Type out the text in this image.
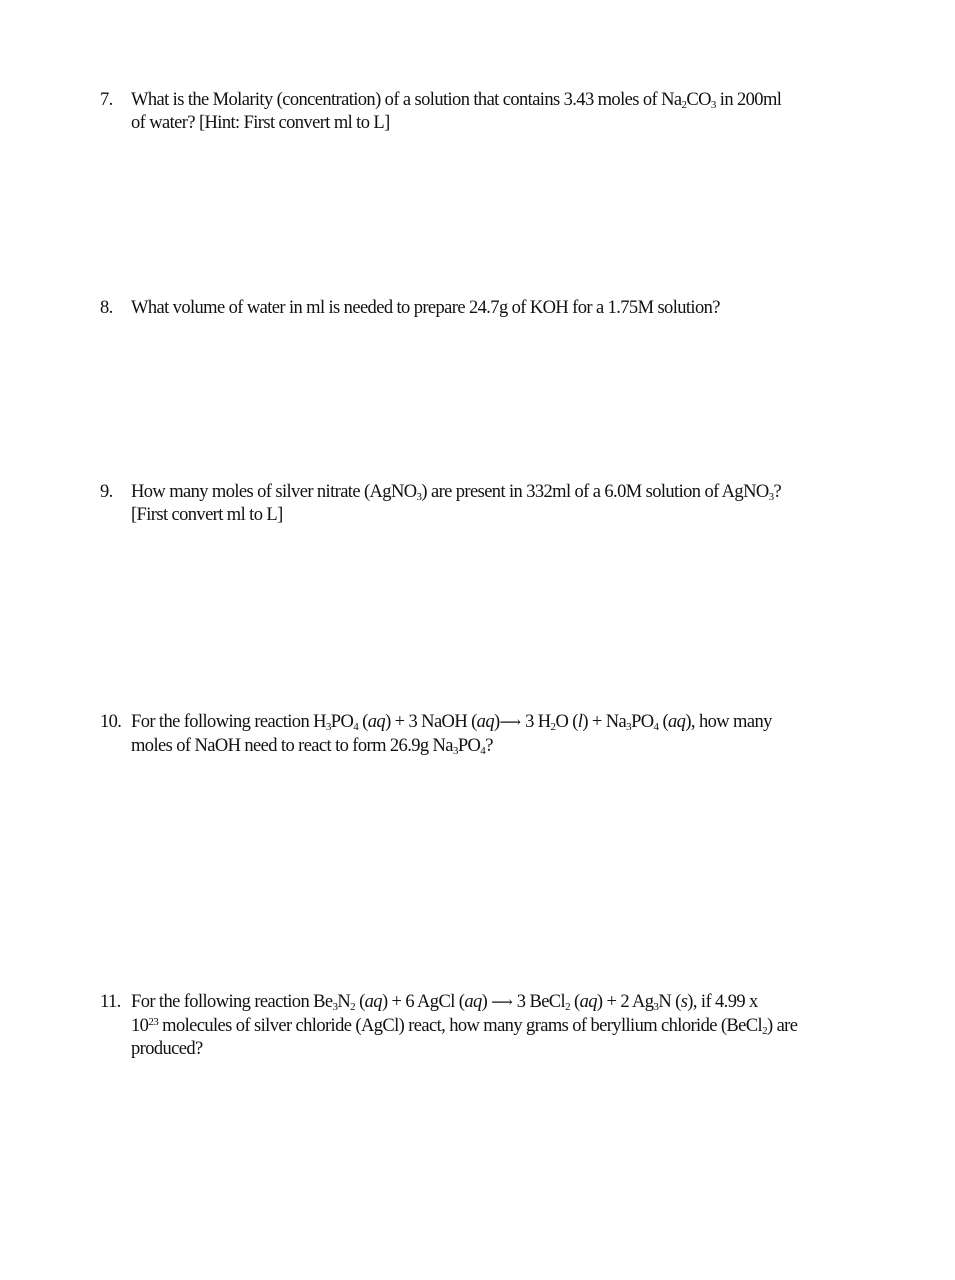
7. What is the Molarity (concentration) of a solution that contains 3.43 moles of $Na_2CO_3$ in 200ml
of water? [Hint: First convert ml to L]
8. What volume of water in ml is needed to prepare 24.7g of KOH for a 1.75M solution?
9. How many moles of silver nitrate (AgNO$_3$) are present in 332ml of a 6.0M solution of AgNO$_3$?
[First convert ml to L]
10. For the following reaction $H_3PO_4$ (aq) + 3 NaOH (aq)⟶ 3 $H_2O$ $(l) + Na_3PO_4$ (aq), how many
moles of NaOH need to react to form 26.9g $Na_3PO_4$?
11. For the following reaction $Be_3N_2$ (aq) + 6 AgCl (aq) ⟶ 3 BeCl$_2$ (aq) + 2 $Ag_3N$ (s), if 4.99 x
$10^{23}$ molecules of silver chloride (AgCl) react, how many grams of beryllium chloride (BeCl$_2$) are
produced?
